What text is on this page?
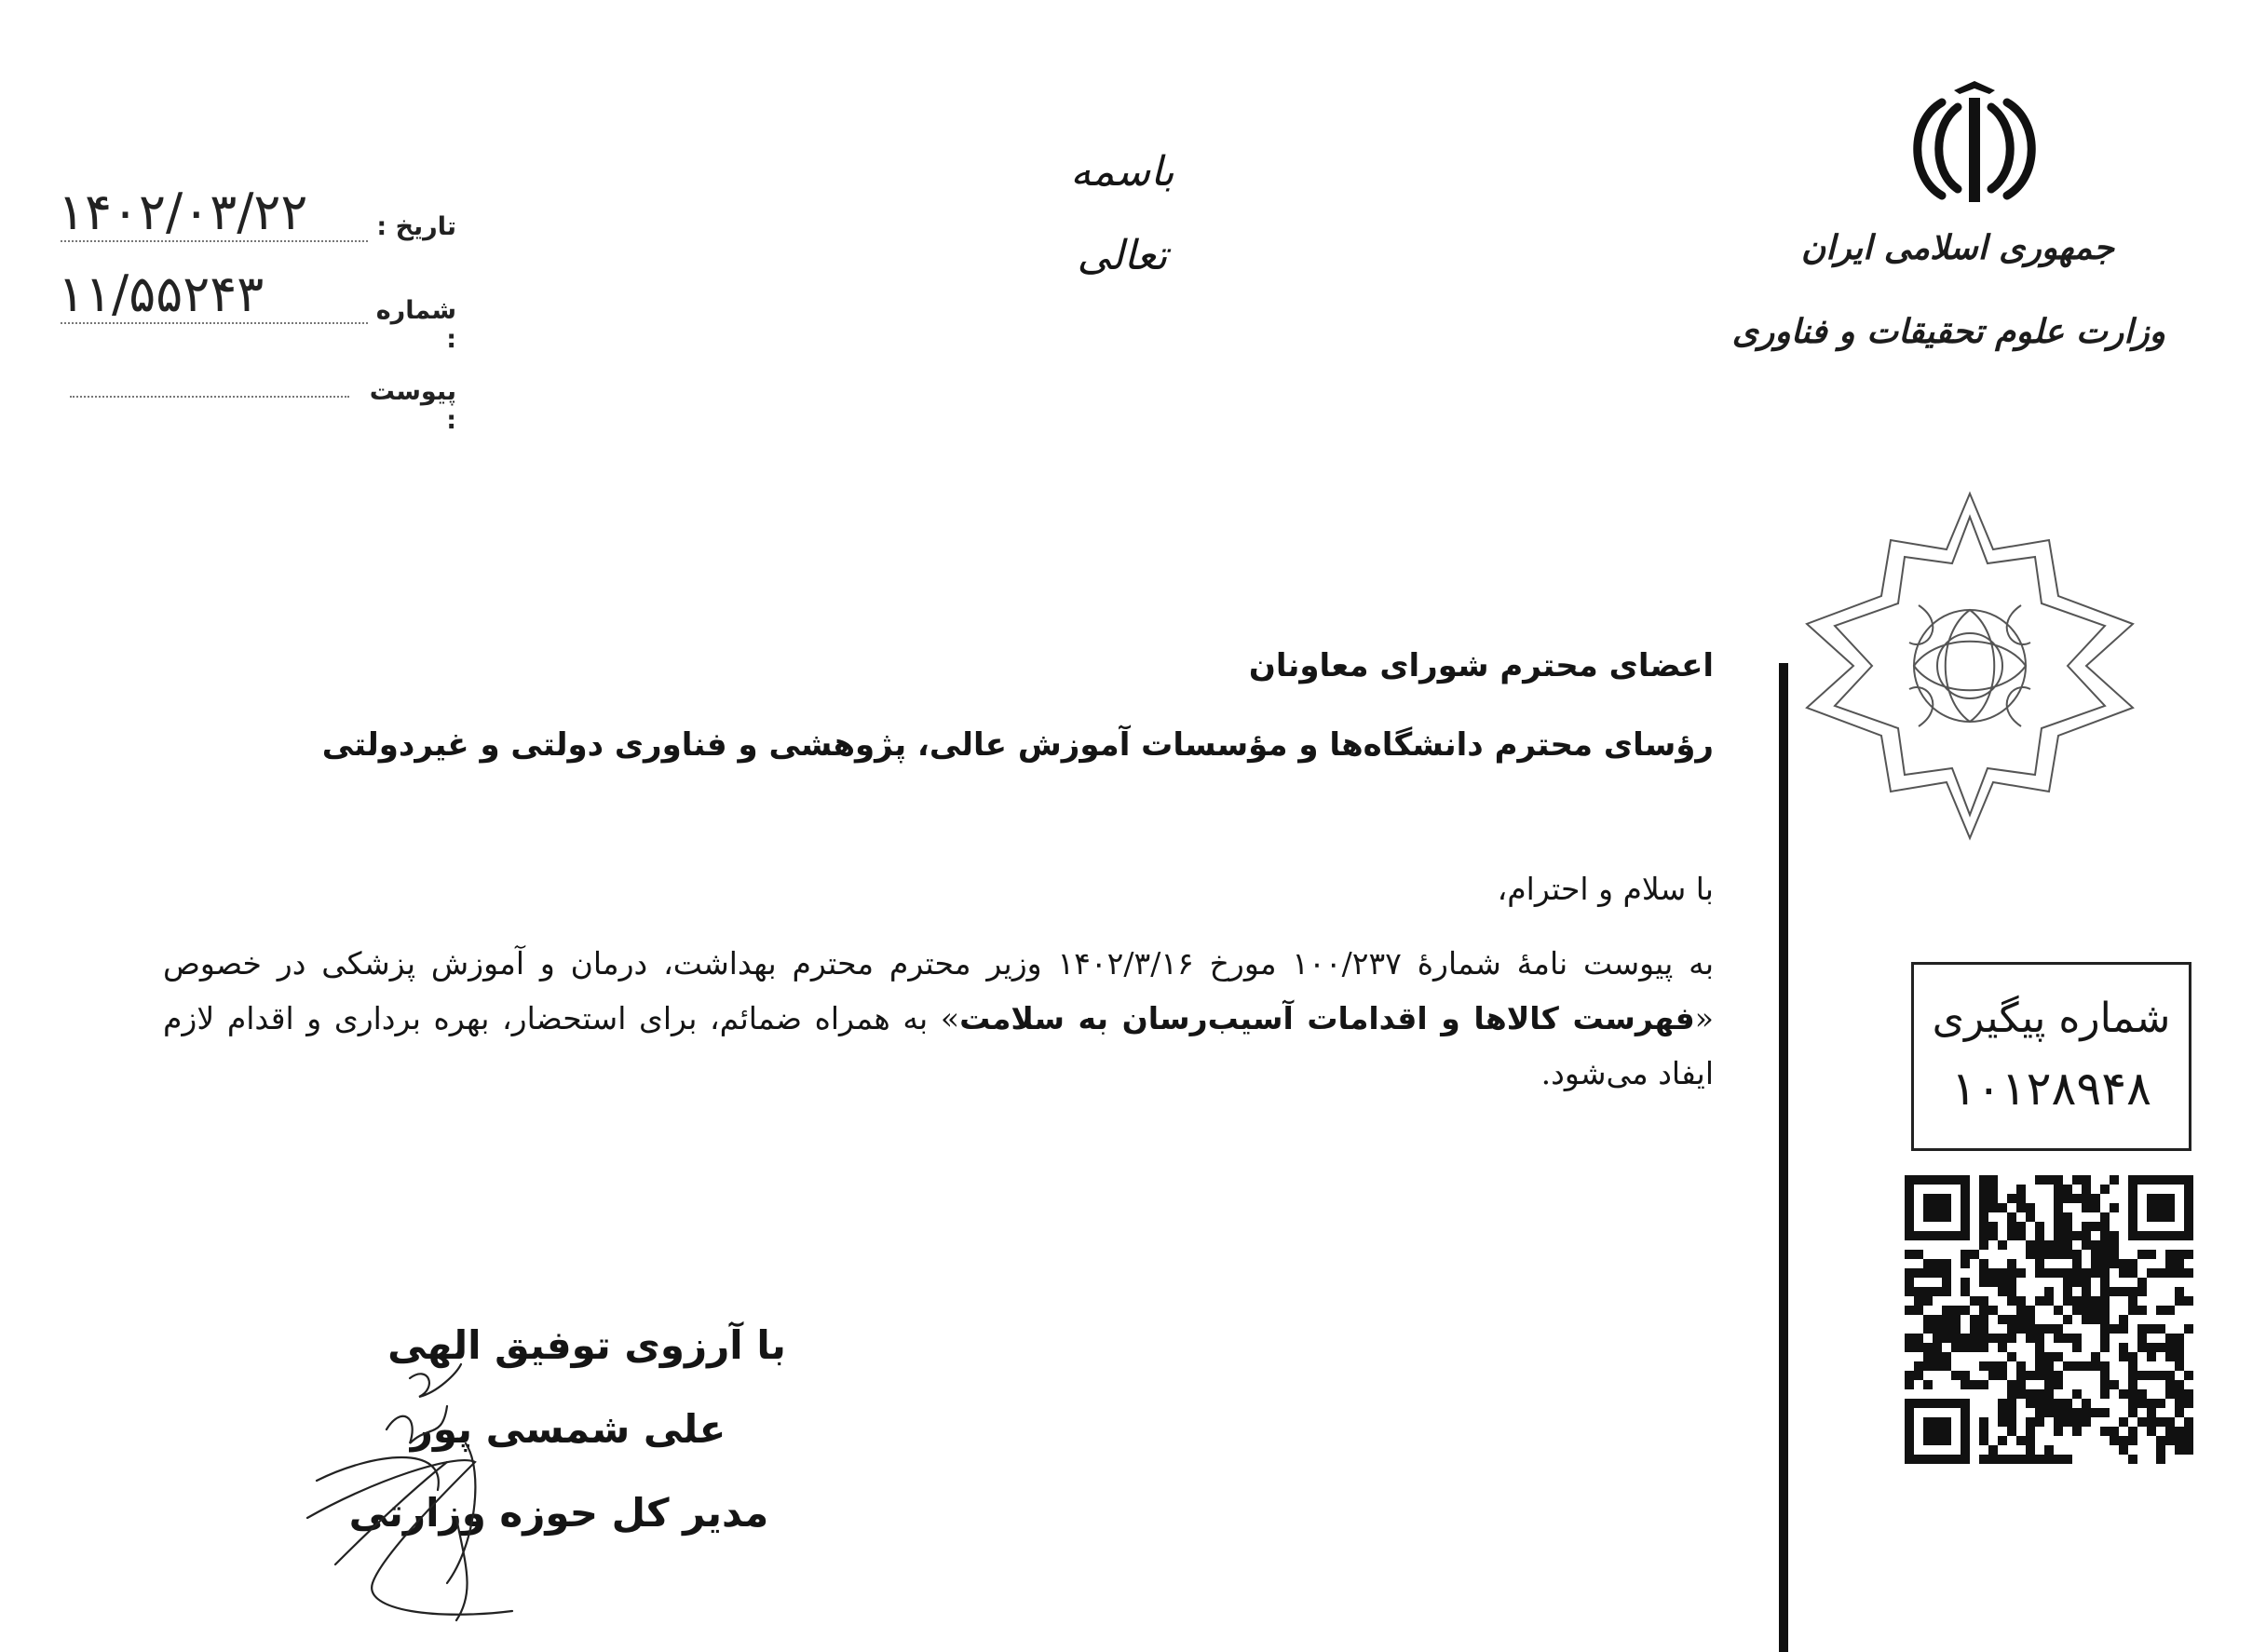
باسمه تعالی
تاریخ :
۱۴۰۲/۰۳/۲۲
شماره :
۱۱/۵۵۲۴۳
پیوست :
جمهوری اسلامی ایران
وزارت علوم تحقیقات و فناوری
اعضای محترم شورای معاونان
رؤسای محترم دانشگاه‌ها و مؤسسات آموزش عالی، پژوهشی و فناوری دولتی و غیردولتی
با سلام و احترام،
به پیوست نامهٔ شمارهٔ ۱۰۰/۲۳۷ مورخ ۱۴۰۲/۳/۱۶ وزیر محترم محترم بهداشت، درمان و آموزش پزشکی در خصوص «فهرست کالاها و اقدامات آسیب‌رسان به سلامت» به همراه ضمائم، برای استحضار، بهره برداری و اقدام لازم ایفاد می‌شود.
با آرزوی توفیق الهی
علی شمسی پور
مدیر کل حوزه وزارتی
شماره پیگیری
۱۰۱۲۸۹۴۸
